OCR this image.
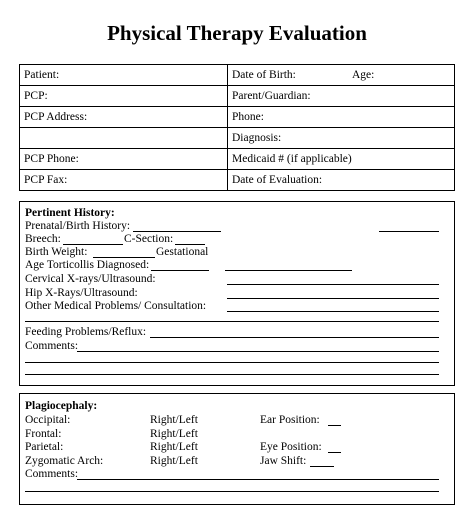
Physical Therapy Evaluation
Patient:	Date of Birth: Age:

PCP:	Parent/Guardian:
PCP Address:	Phone:
	Diagnosis:
PCP Phone:	Medicaid # (if applicable)
PCP Fax:	Date of Evaluation:
Pertinent History:
Prenatal/Birth History:
Breech:	C-Section:
Birth Weight:	Gestational
Age Torticollis Diagnosed:
Cervical X-rays/Ultrasound:
Hip X-Rays/Ultrasound:
Other Medical Problems/ Consultation:
Feeding Problems/Reflux:
Comments:
Plagiocephaly:
Occipital:	Right/Left	Ear Position:
Frontal:	Right/Left
Parietal:	Right/Left	Eye Position:
Zygomatic Arch:	Right/Left	Jaw Shift:
Comments:
